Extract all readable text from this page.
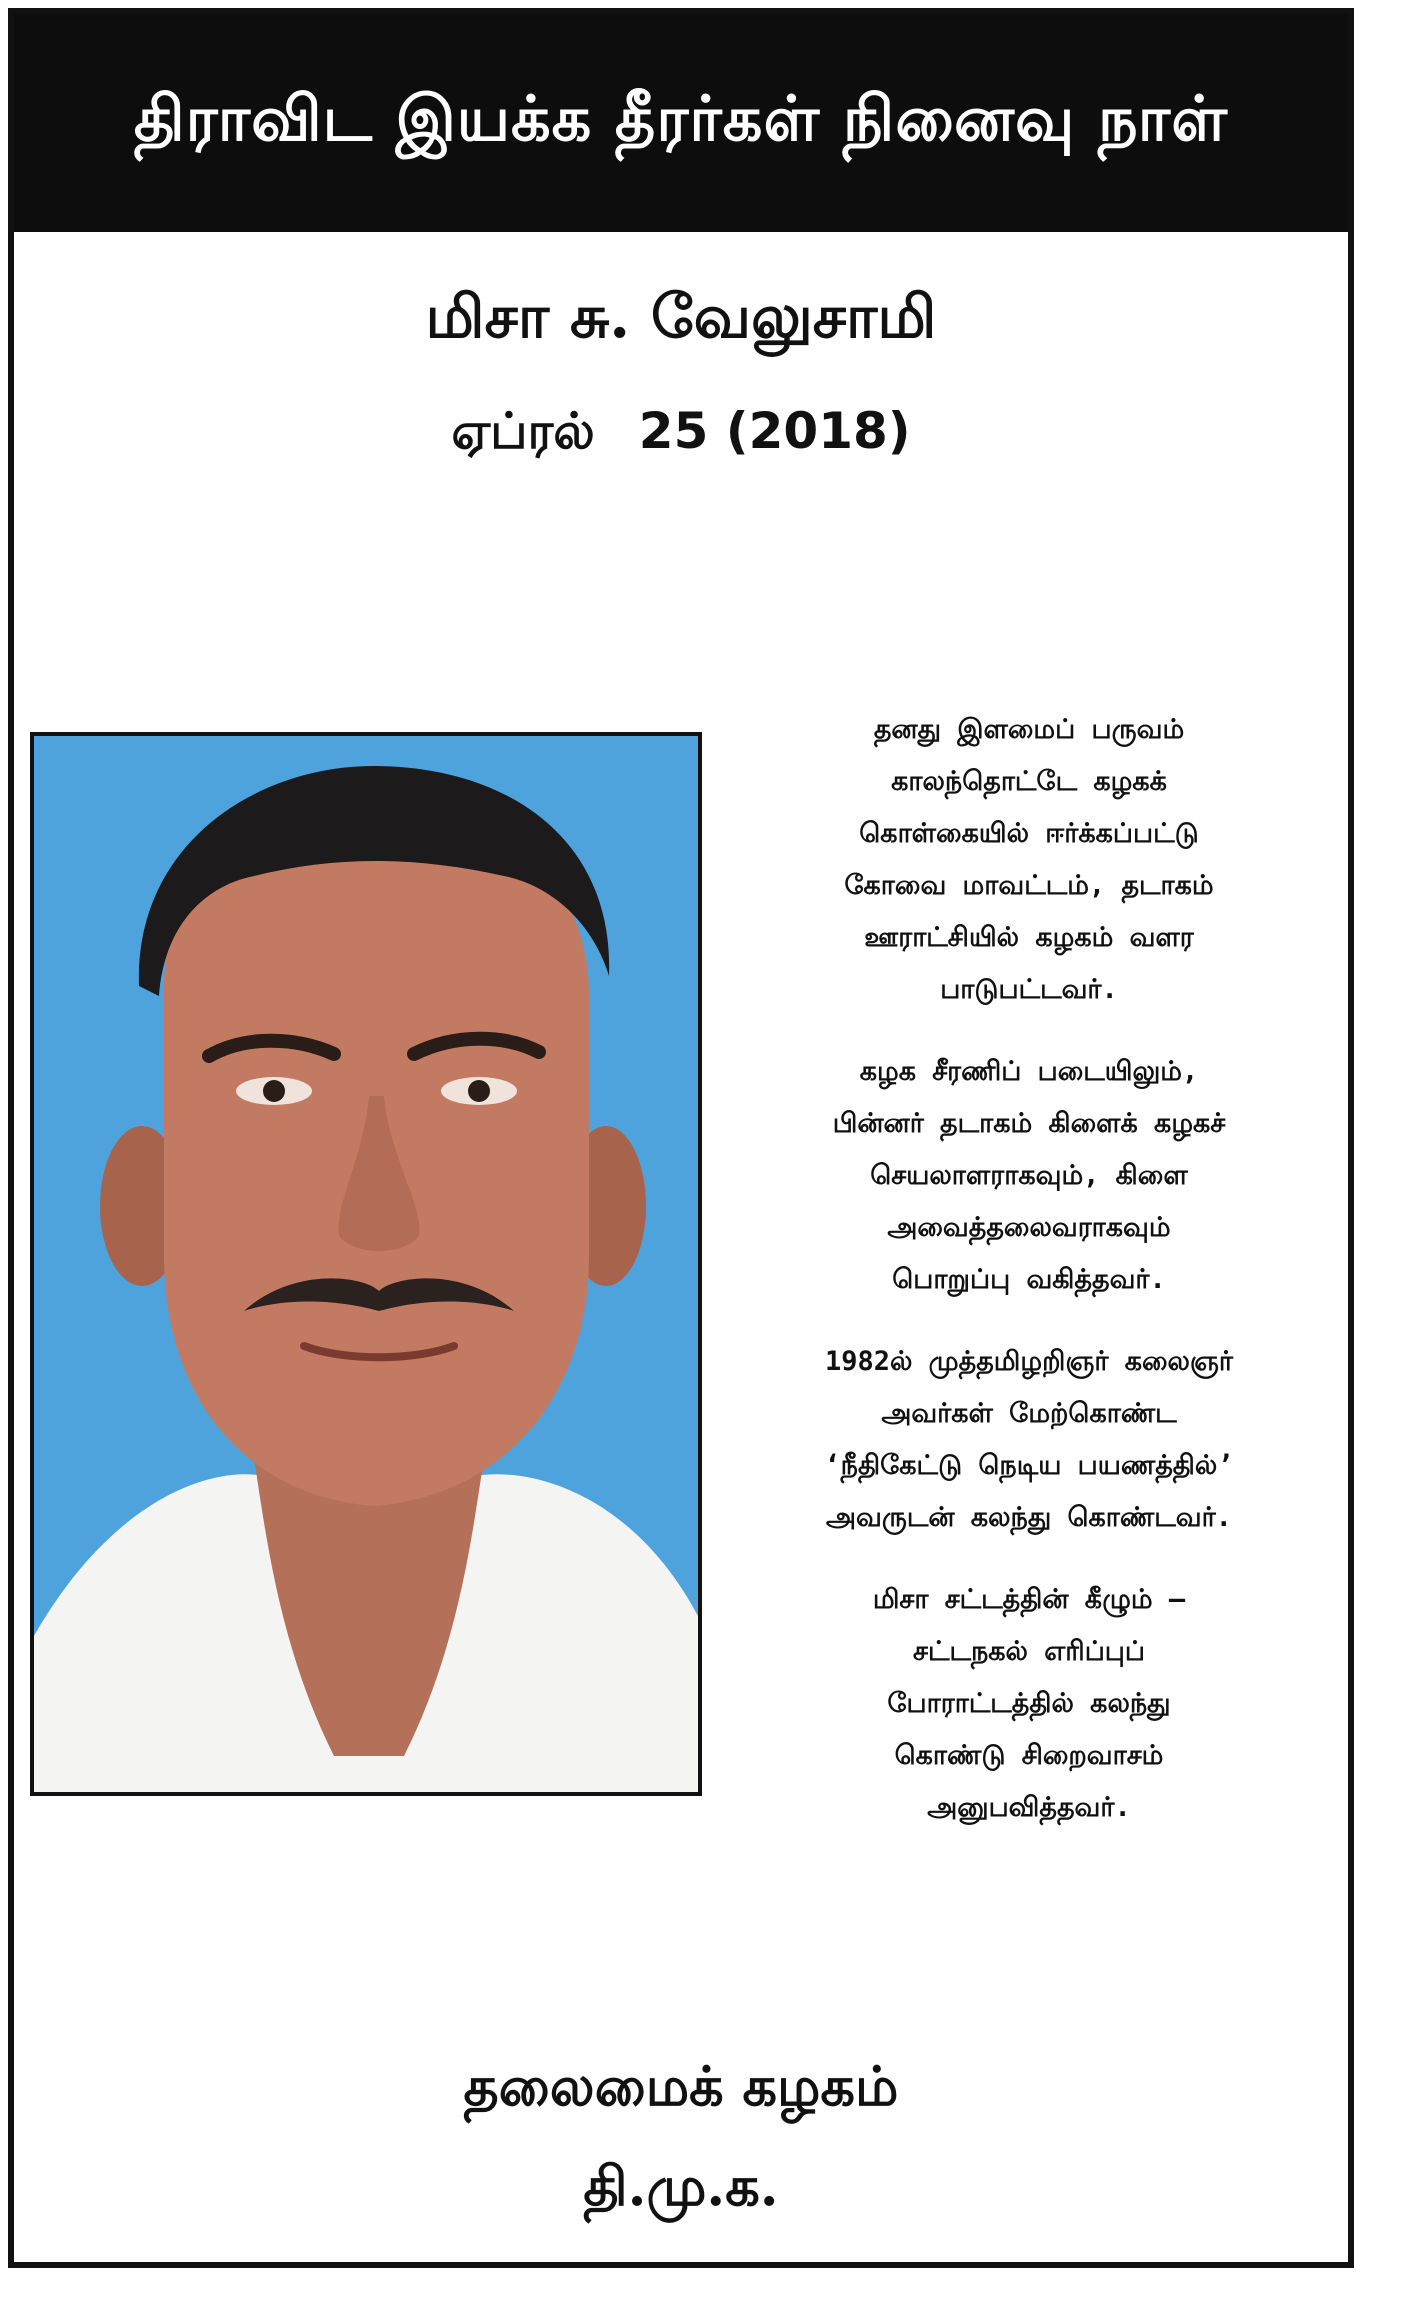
திராவிட இயக்க தீரர்கள் நினைவு நாள்
மிசா சு. வேலுசாமி
ஏப்ரல் 25 (2018)
தனது இளமைப் பருவம்
காலந்தொட்டே கழகக்
கொள்கையில் ஈர்க்கப்பட்டு
கோவை மாவட்டம், தடாகம்
ஊராட்சியில் கழகம் வளர
பாடுபட்டவர்.
கழக சீரணிப் படையிலும்,
பின்னர் தடாகம் கிளைக் கழகச்
செயலாளராகவும், கிளை
அவைத்தலைவராகவும்
பொறுப்பு வகித்தவர்.
1982ல் முத்தமிழறிஞர் கலைஞர்
அவர்கள் மேற்கொண்ட
‘நீதிகேட்டு நெடிய பயணத்தில்’
அவருடன் கலந்து கொண்டவர்.
மிசா சட்டத்தின் கீழும் –
சட்டநகல் எரிப்புப்
போராட்டத்தில் கலந்து
கொண்டு சிறைவாசம்
அனுபவித்தவர்.
தலைமைக் கழகம்
தி.மு.க.
